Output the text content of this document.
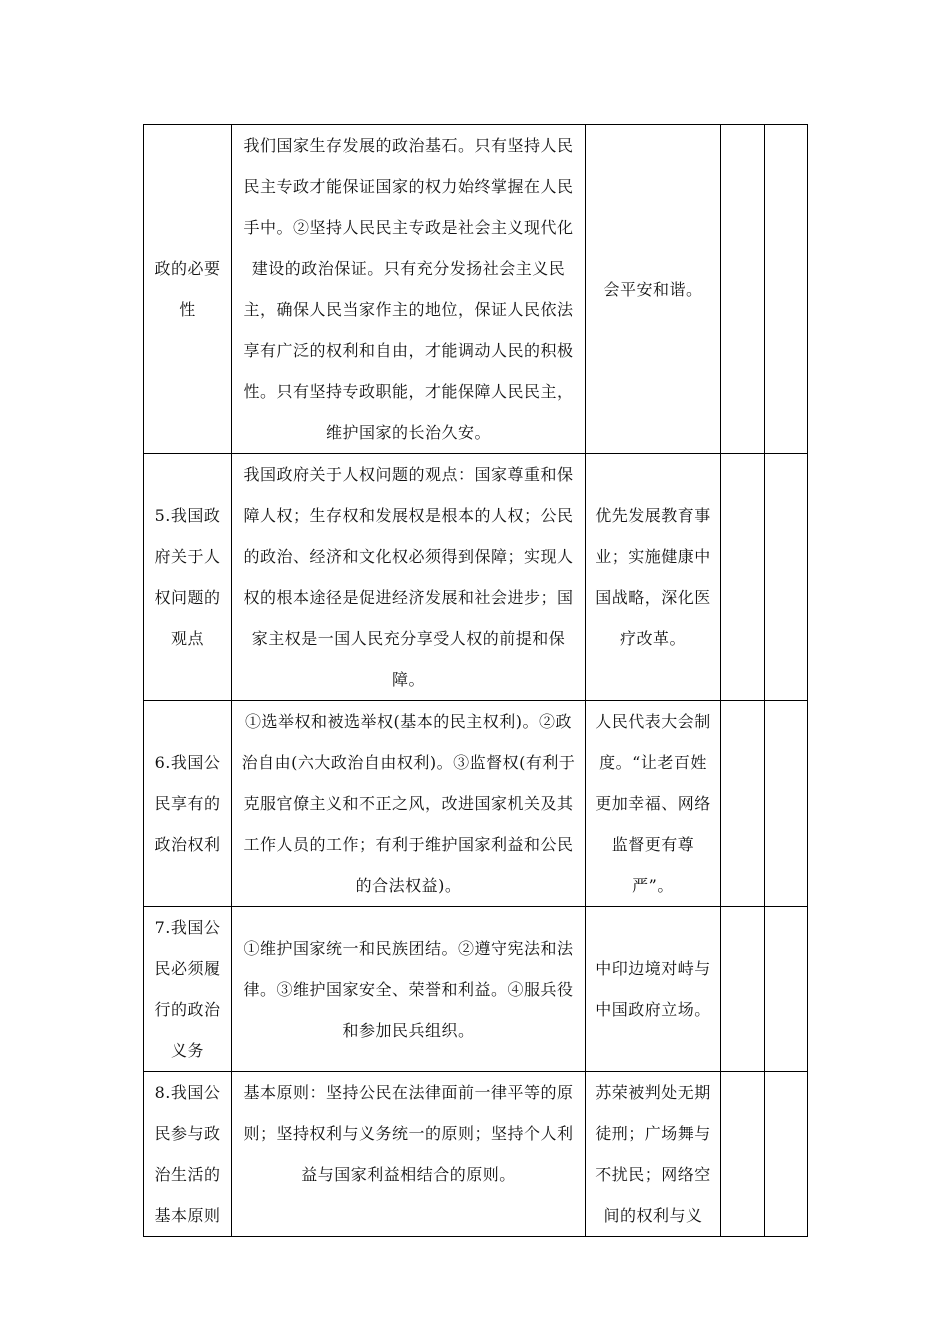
政的必要性	我们国家生存发展的政治基石。只有坚持人民民主专政才能保证国家的权力始终掌握在人民手中。②坚持人民民主专政是社会主义现代化建设的政治保证。只有充分发扬社会主义民主，确保人民当家作主的地位，保证人民依法享有广泛的权利和自由，才能调动人民的积极性。只有坚持专政职能，才能保障人民民主，维护国家的长治久安。	会平安和谐。		

5.我国政府关于人权问题的观点	我国政府关于人权问题的观点：国家尊重和保障人权；生存权和发展权是根本的人权；公民的政治、经济和文化权必须得到保障；实现人权的根本途径是促进经济发展和社会进步；国家主权是一国人民充分享受人权的前提和保障。	优先发展教育事业；实施健康中国战略，深化医疗改革。		

6.我国公民享有的政治权利	①选举权和被选举权(基本的民主权利)。②政治自由(六大政治自由权利)。③监督权(有利于克服官僚主义和不正之风，改进国家机关及其工作人员的工作；有利于维护国家利益和公民的合法权益)。	人民代表大会制度。“让老百姓更加幸福、网络监督更有尊严”。		

7.我国公民必须履行的政治义务	①维护国家统一和民族团结。②遵守宪法和法律。③维护国家安全、荣誉和利益。④服兵役和参加民兵组织。	中印边境对峙与中国政府立场。		

8.我国公民参与政治生活的基本原则	基本原则：坚持公民在法律面前一律平等的原则；坚持权利与义务统一的原则；坚持个人利益与国家利益相结合的原则。	苏荣被判处无期徒刑；广场舞与不扰民；网络空间的权利与义		
